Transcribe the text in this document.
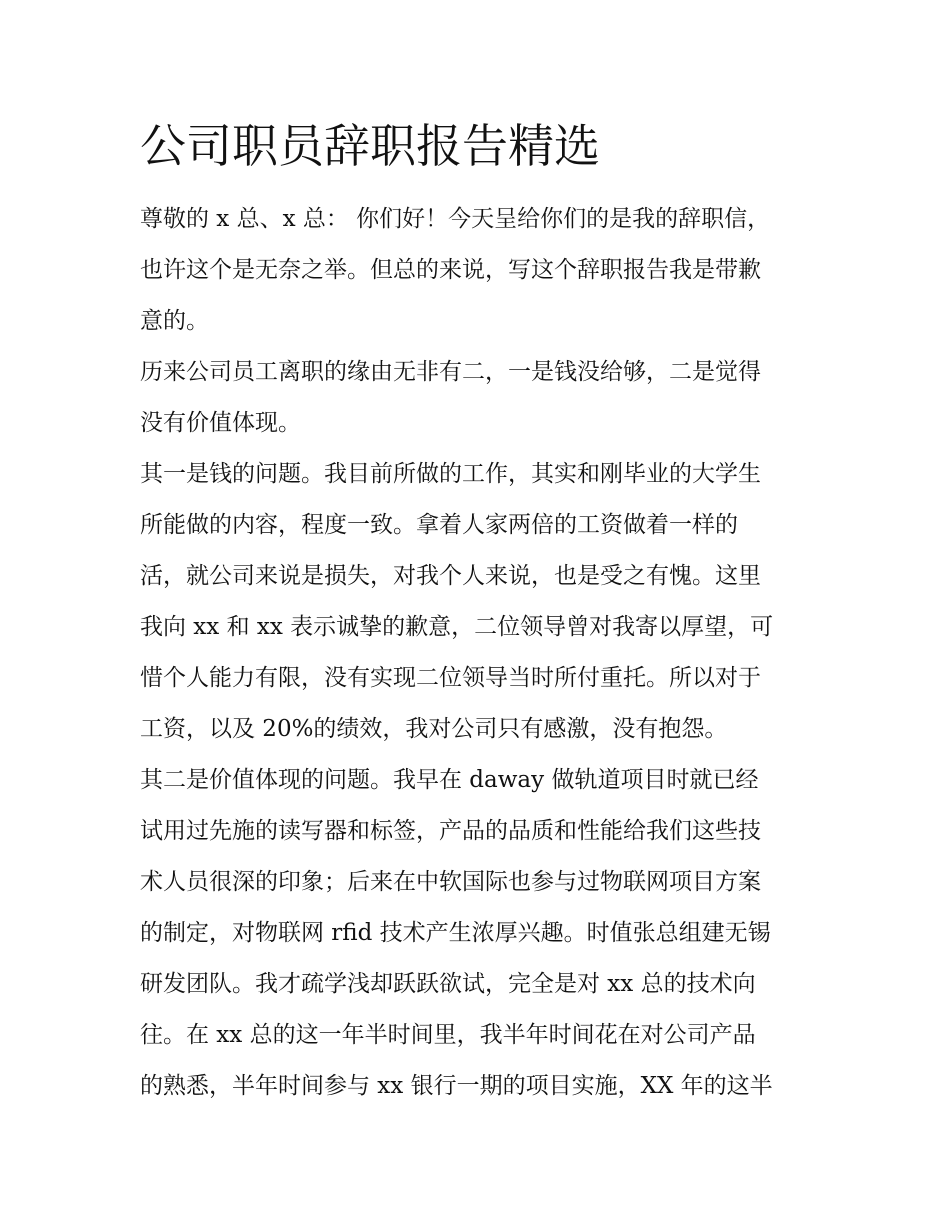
公司职员辞职报告精选

尊敬的 x 总、x 总： 你们好！今天呈给你们的是我的辞职信，

也许这个是无奈之举。但总的来说，写这个辞职报告我是带歉

意的。

历来公司员工离职的缘由无非有二，一是钱没给够，二是觉得

没有价值体现。

其一是钱的问题。我目前所做的工作，其实和刚毕业的大学生

所能做的内容，程度一致。拿着人家两倍的工资做着一样的

活，就公司来说是损失，对我个人来说，也是受之有愧。这里

我向 xx 和 xx 表示诚挚的歉意，二位领导曾对我寄以厚望，可

惜个人能力有限，没有实现二位领导当时所付重托。所以对于

工资，以及 20%的绩效，我对公司只有感激，没有抱怨。

其二是价值体现的问题。我早在 daway 做轨道项目时就已经

试用过先施的读写器和标签，产品的品质和性能给我们这些技

术人员很深的印象；后来在中软国际也参与过物联网项目方案

的制定，对物联网 rfid 技术产生浓厚兴趣。时值张总组建无锡

研发团队。我才疏学浅却跃跃欲试，完全是对 xx 总的技术向

往。在 xx 总的这一年半时间里，我半年时间花在对公司产品

的熟悉，半年时间参与 xx 银行一期的项目实施，XX 年的这半
